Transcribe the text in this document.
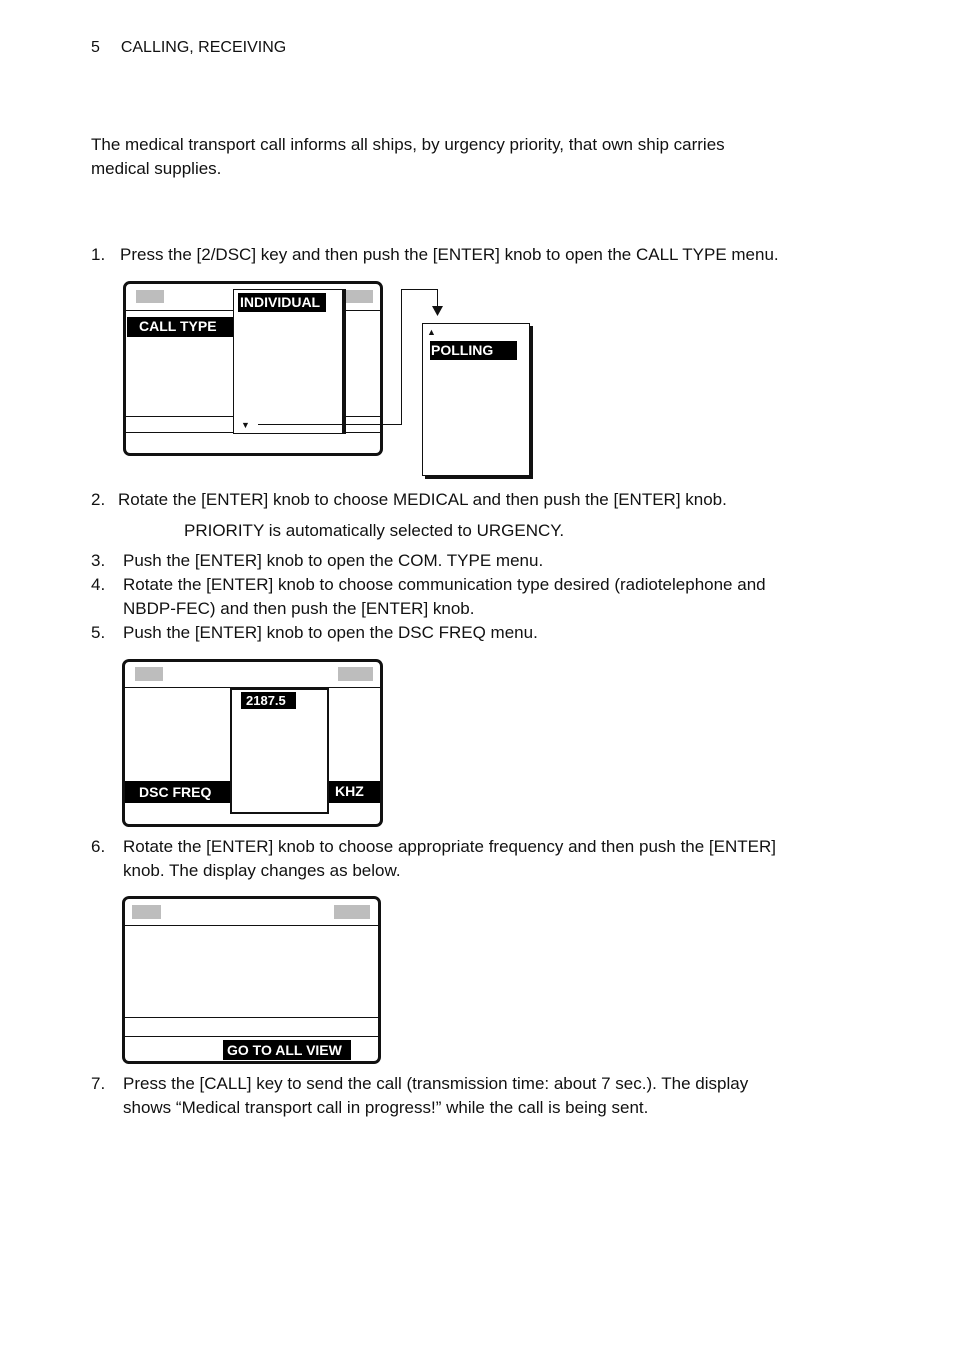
5 CALLING, RECEIVING
The medical transport call informs all ships, by urgency priority, that own ship carries
medical supplies.
1. Press the [2/DSC] key and then push the [ENTER] knob to open the CALL TYPE menu.
CALL TYPE
INDIVIDUAL
▼
▲
POLLING
2. Rotate the [ENTER] knob to choose MEDICAL and then push the [ENTER] knob.
PRIORITY is automatically selected to URGENCY.
3. Push the [ENTER] knob to open the COM. TYPE menu.
4. Rotate the [ENTER] knob to choose communication type desired (radiotelephone and
NBDP-FEC) and then push the [ENTER] knob.
5. Push the [ENTER] knob to open the DSC FREQ menu.
DSC FREQ	KHZ
2187.5
6. Rotate the [ENTER] knob to choose appropriate frequency and then push the [ENTER]
knob. The display changes as below.
GO TO ALL VIEW
7. Press the [CALL] key to send the call (transmission time: about 7 sec.). The display
shows “Medical transport call in progress!” while the call is being sent.
